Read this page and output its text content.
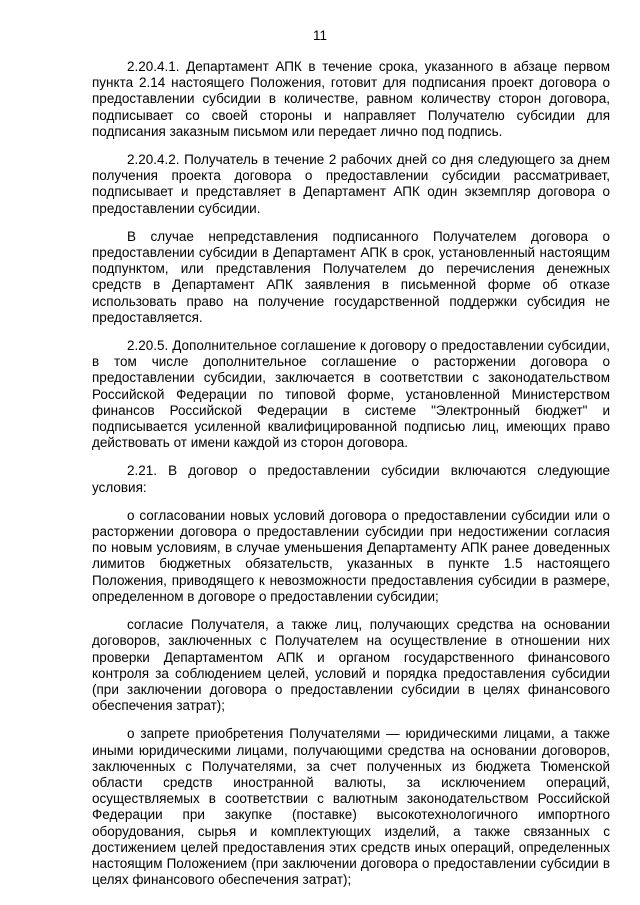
11

2.20.4.1. Департамент АПК в течение срока, указанного в абзаце первом пункта 2.14 настоящего Положения, готовит для подписания проект договора о предоставлении субсидии в количестве, равном количеству сторон договора, подписывает со своей стороны и направляет Получателю субсидии для подписания заказным письмом или передает лично под подпись.

2.20.4.2. Получатель в течение 2 рабочих дней со дня следующего за днем получения проекта договора о предоставлении субсидии рассматривает, подписывает и представляет в Департамент АПК один экземпляр договора о предоставлении субсидии.

В случае непредставления подписанного Получателем договора о предоставлении субсидии в Департамент АПК в срок, установленный настоящим подпунктом, или представления Получателем до перечисления денежных средств в Департамент АПК заявления в письменной форме об отказе использовать право на получение государственной поддержки субсидия не предоставляется.

2.20.5. Дополнительное соглашение к договору о предоставлении субсидии, в том числе дополнительное соглашение о расторжении договора о предоставлении субсидии, заключается в соответствии с законодательством Российской Федерации по типовой форме, установленной Министерством финансов Российской Федерации в системе "Электронный бюджет" и подписывается усиленной квалифицированной подписью лиц, имеющих право действовать от имени каждой из сторон договора.

2.21. В договор о предоставлении субсидии включаются следующие условия:

о согласовании новых условий договора о предоставлении субсидии или о расторжении договора о предоставлении субсидии при недостижении согласия по новым условиям, в случае уменьшения Департаменту АПК ранее доведенных лимитов бюджетных обязательств, указанных в пункте 1.5 настоящего Положения, приводящего к невозможности предоставления субсидии в размере, определенном в договоре о предоставлении субсидии;

согласие Получателя, а также лиц, получающих средства на основании договоров, заключенных с Получателем на осуществление в отношении них проверки Департаментом АПК и органом государственного финансового контроля за соблюдением целей, условий и порядка предоставления субсидии (при заключении договора о предоставлении субсидии в целях финансового обеспечения затрат);

о запрете приобретения Получателями — юридическими лицами, а также иными юридическими лицами, получающими средства на основании договоров, заключенных с Получателями, за счет полученных из бюджета Тюменской области средств иностранной валюты, за исключением операций, осуществляемых в соответствии с валютным законодательством Российской Федерации при закупке (поставке) высокотехнологичного импортного оборудования, сырья и комплектующих изделий, а также связанных с достижением целей предоставления этих средств иных операций, определенных настоящим Положением (при заключении договора о предоставлении субсидии в целях финансового обеспечения затрат);
